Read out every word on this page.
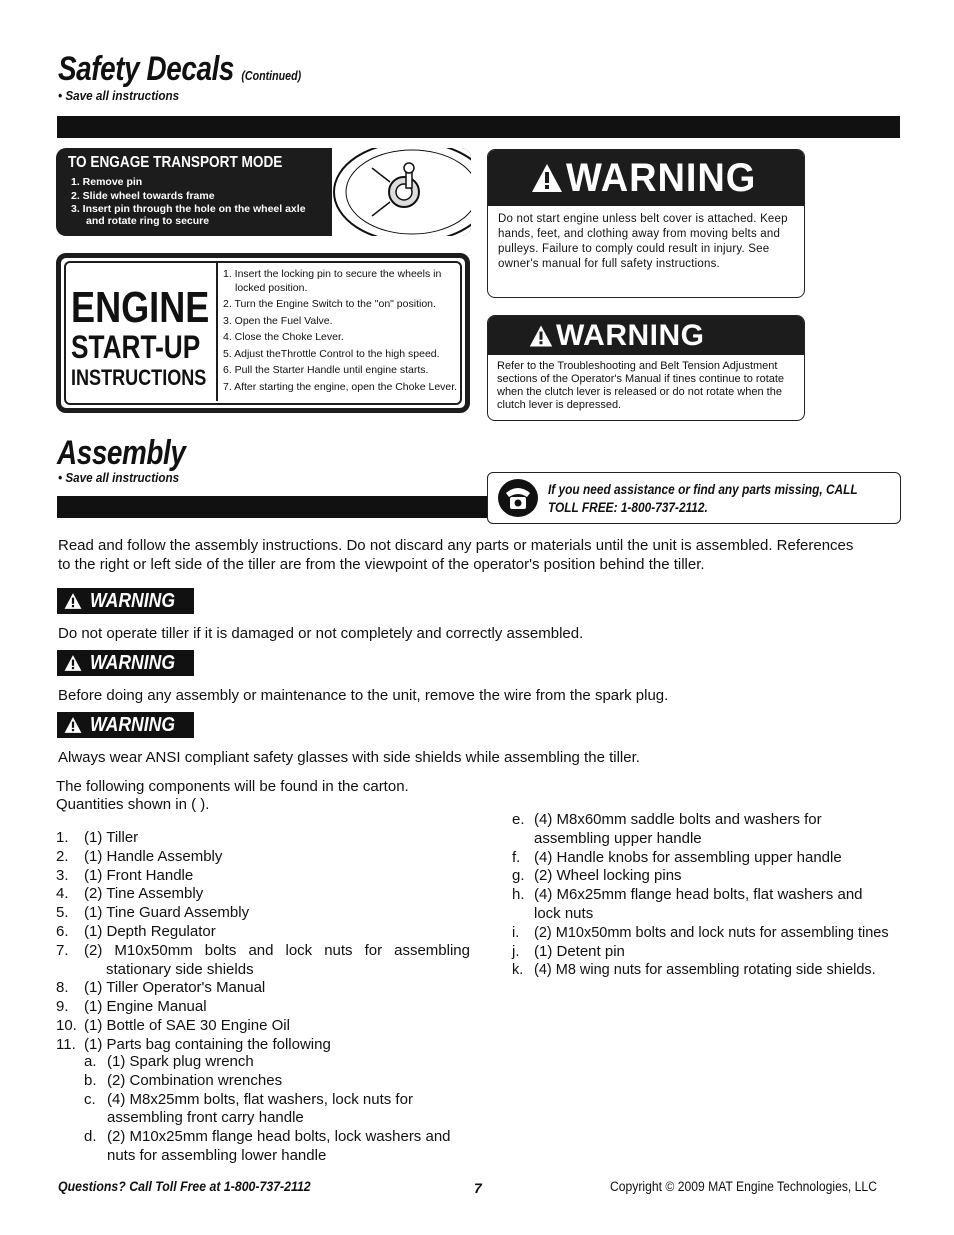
Safety Decals (Continued)
• Save all instructions
TO ENGAGE TRANSPORT MODE
1. Remove pin
2. Slide wheel towards frame
3. Insert pin through the hole on the wheel axle
and rotate ring to secure
WARNING
Do not start engine unless belt cover is attached. Keep hands, feet, and clothing away from moving belts and pulleys. Failure to comply could result in injury. See owner's manual for full safety instructions.
ENGINE
START-UP
INSTRUCTIONS
1. Insert the locking pin to secure the wheels in locked position.
2. Turn the Engine Switch to the "on" position.
3. Open the Fuel Valve.
4. Close the Choke Lever.
5. Adjust theThrottle Control to the high speed.
6. Pull the Starter Handle until engine starts.
7. After starting the engine, open the Choke Lever.
WARNING
Refer to the Troubleshooting and Belt Tension Adjustment sections of the Operator's Manual if tines continue to rotate when the clutch lever is released or do not rotate when the clutch lever is depressed.
Assembly
• Save all instructions
If you need assistance or find any parts missing, CALL TOLL FREE: 1-800-737-2112.
Read and follow the assembly instructions. Do not discard any parts or materials until the unit is assembled. References to the right or left side of the tiller are from the viewpoint of the operator's position behind the tiller.
WARNING
Do not operate tiller if it is damaged or not completely and correctly assembled.
WARNING
Before doing any assembly or maintenance to the unit, remove the wire from the spark plug.
WARNING
Always wear ANSI compliant safety glasses with side shields while assembling the tiller.
The following components will be found in the carton.
Quantities shown in ( ).
1. (1) Tiller
2. (1) Handle Assembly
3. (1) Front Handle
4. (2) Tine Assembly
5. (1) Tine Guard Assembly
6. (1) Depth Regulator
7. (2) M10x50mm bolts and lock nuts for assembling stationary side shields
8. (1) Tiller Operator's Manual
9. (1) Engine Manual
10. (1) Bottle of SAE 30 Engine Oil
11. (1) Parts bag containing the following
a. (1) Spark plug wrench
b. (2) Combination wrenches
c. (4) M8x25mm bolts, flat washers, lock nuts for assembling front carry handle
d. (2) M10x25mm flange head bolts, lock washers and nuts for assembling lower handle
e. (4) M8x60mm saddle bolts and washers for assembling upper handle
f. (4) Handle knobs for assembling upper handle
g. (2) Wheel locking pins
h. (4) M6x25mm flange head bolts, flat washers and lock nuts
i. (2) M10x50mm bolts and lock nuts for assembling tines
j. (1) Detent pin
k. (4) M8 wing nuts for assembling rotating side shields.
Questions? Call Toll Free at 1-800-737-2112	7	Copyright © 2009 MAT Engine Technologies, LLC
